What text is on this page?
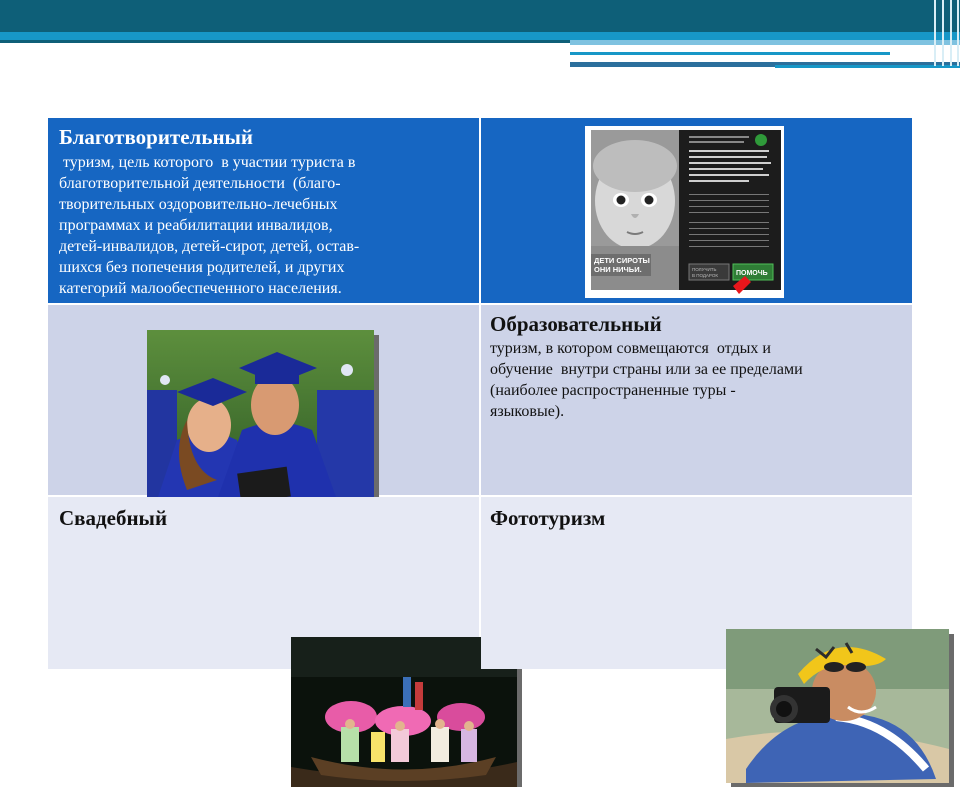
Благотворительный
туризм, цель которого  в участии туриста в
благотворительной деятельности  (благо-
творительных оздоровительно-лечебных
программах и реабилитации инвалидов,
детей-инвалидов, детей-сирот, детей, остав-
шихся без попечения родителей, и других
категорий малообеспеченного населения.
ДЕТИ СИРОТЫ
ОНИ НИЧЬИ.	ПОЛУЧИТЬ
В ПОДАРОК	ПОМОЧЬ
Образовательный
туризм, в котором совмещаются  отдых и
обучение  внутри страны или за ее пределами
(наиболее распространенные туры -
языковые).
Свадебный	Фототуризм
